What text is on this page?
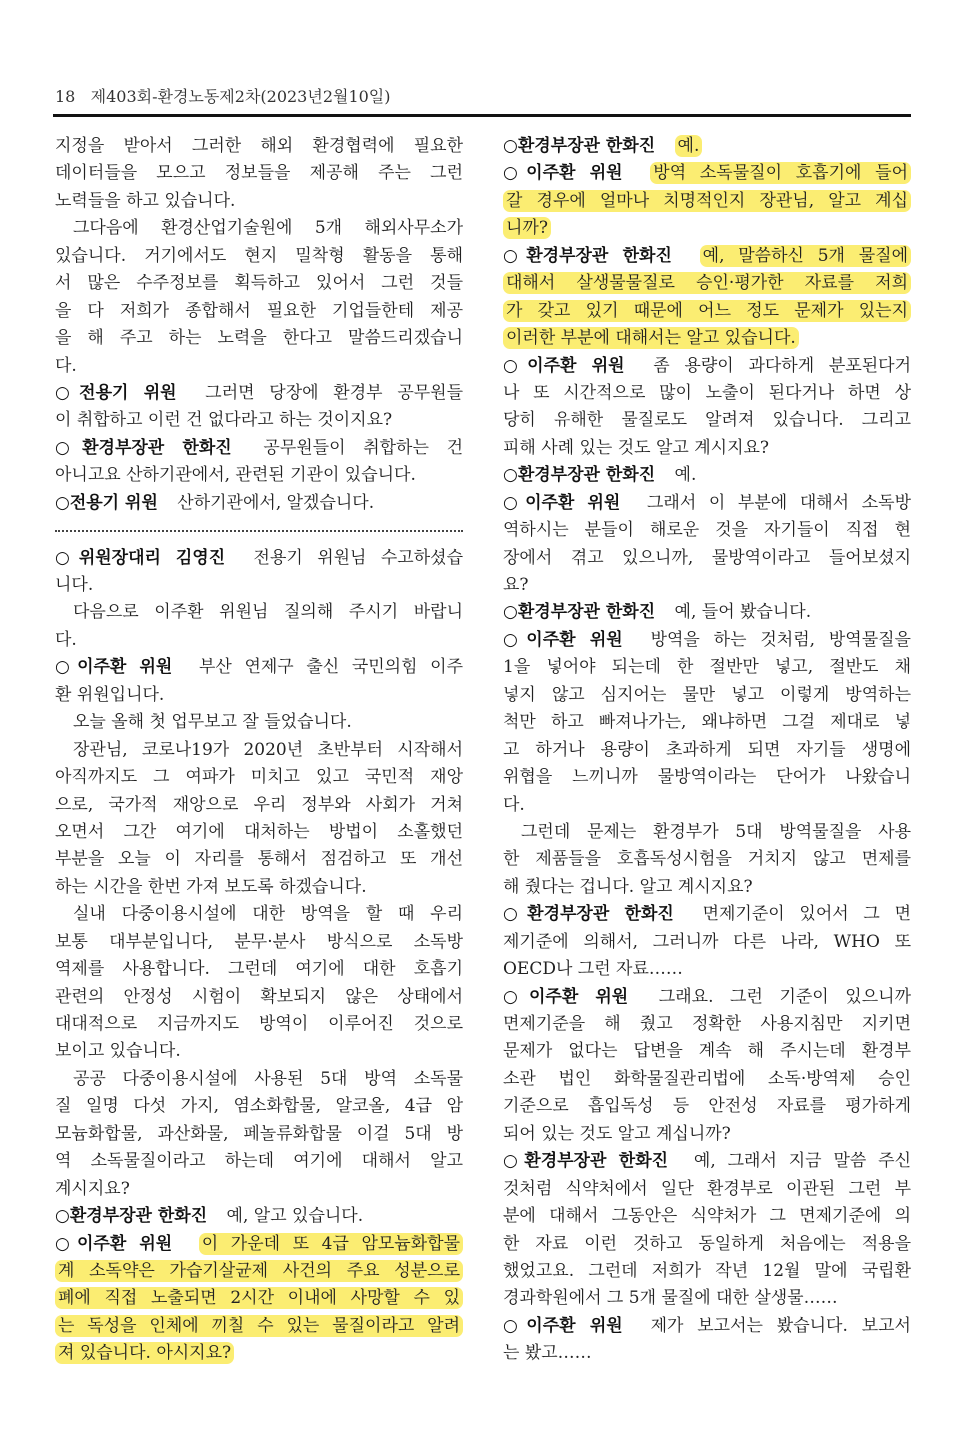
18 제403회-환경노동제2차(2023년2월10일)
지정을 받아서 그러한 해외 환경협력에 필요한
데이터들을 모으고 정보들을 제공해 주는 그런
노력들을 하고 있습니다.
그다음에 환경산업기술원에 5개 해외사무소가
있습니다. 거기에서도 현지 밀착형 활동을 통해
서 많은 수주정보를 획득하고 있어서 그런 것들
을 다 저희가 종합해서 필요한 기업들한테 제공
을 해 주고 하는 노력을 한다고 말씀드리겠습니
다.
○전용기 위원 그러면 당장에 환경부 공무원들
이 취합하고 이런 건 없다라고 하는 것이지요?
○환경부장관 한화진 공무원들이 취합하는 건
아니고요 산하기관에서, 관련된 기관이 있습니다.
○전용기 위원 산하기관에서, 알겠습니다.
○위원장대리 김영진 전용기 위원님 수고하셨습
니다.
다음으로 이주환 위원님 질의해 주시기 바랍니
다.
○이주환 위원 부산 연제구 출신 국민의힘 이주
환 위원입니다.
오늘 올해 첫 업무보고 잘 들었습니다.
장관님, 코로나19가 2020년 초반부터 시작해서
아직까지도 그 여파가 미치고 있고 국민적 재앙
으로, 국가적 재앙으로 우리 정부와 사회가 거쳐
오면서 그간 여기에 대처하는 방법이 소홀했던
부분을 오늘 이 자리를 통해서 점검하고 또 개선
하는 시간을 한번 가져 보도록 하겠습니다.
실내 다중이용시설에 대한 방역을 할 때 우리
보통 대부분입니다, 분무·분사 방식으로 소독방
역제를 사용합니다. 그런데 여기에 대한 호흡기
관련의 안정성 시험이 확보되지 않은 상태에서
대대적으로 지금까지도 방역이 이루어진 것으로
보이고 있습니다.
공공 다중이용시설에 사용된 5대 방역 소독물
질 일명 다섯 가지, 염소화합물, 알코올, 4급 암
모늄화합물, 과산화물, 페놀류화합물 이걸 5대 방
역 소독물질이라고 하는데 여기에 대해서 알고
계시지요?
○환경부장관 한화진 예, 알고 있습니다.
○이주환 위원 이 가운데 또 4급 암모늄화합물
계 소독약은 가습기살균제 사건의 주요 성분으로
폐에 직접 노출되면 2시간 이내에 사망할 수 있
는 독성을 인체에 끼칠 수 있는 물질이라고 알려
져 있습니다. 아시지요?
○환경부장관 한화진 예.
○이주환 위원 방역 소독물질이 호흡기에 들어
갈 경우에 얼마나 치명적인지 장관님, 알고 계십
니까?
○환경부장관 한화진 예, 말씀하신 5개 물질에
대해서 살생물물질로 승인·평가한 자료를 저희
가 갖고 있기 때문에 어느 정도 문제가 있는지
이러한 부분에 대해서는 알고 있습니다.
○이주환 위원 좀 용량이 과다하게 분포된다거
나 또 시간적으로 많이 노출이 된다거나 하면 상
당히 유해한 물질로도 알려져 있습니다. 그리고
피해 사례 있는 것도 알고 계시지요?
○환경부장관 한화진 예.
○이주환 위원 그래서 이 부분에 대해서 소독방
역하시는 분들이 해로운 것을 자기들이 직접 현
장에서 겪고 있으니까, 물방역이라고 들어보셨지
요?
○환경부장관 한화진 예, 들어 봤습니다.
○이주환 위원 방역을 하는 것처럼, 방역물질을
1을 넣어야 되는데 한 절반만 넣고, 절반도 채
넣지 않고 심지어는 물만 넣고 이렇게 방역하는
척만 하고 빠져나가는, 왜냐하면 그걸 제대로 넣
고 하거나 용량이 초과하게 되면 자기들 생명에
위협을 느끼니까 물방역이라는 단어가 나왔습니
다.
그런데 문제는 환경부가 5대 방역물질을 사용
한 제품들을 호흡독성시험을 거치지 않고 면제를
해 줬다는 겁니다. 알고 계시지요?
○환경부장관 한화진 면제기준이 있어서 그 면
제기준에 의해서, 그러니까 다른 나라, WHO 또
OECD나 그런 자료……
○이주환 위원 그래요. 그런 기준이 있으니까
면제기준을 해 줬고 정확한 사용지침만 지키면
문제가 없다는 답변을 계속 해 주시는데 환경부
소관 법인 화학물질관리법에 소독·방역제 승인
기준으로 흡입독성 등 안전성 자료를 평가하게
되어 있는 것도 알고 계십니까?
○환경부장관 한화진 예, 그래서 지금 말씀 주신
것처럼 식약처에서 일단 환경부로 이관된 그런 부
분에 대해서 그동안은 식약처가 그 면제기준에 의
한 자료 이런 것하고 동일하게 처음에는 적용을
했었고요. 그런데 저희가 작년 12월 말에 국립환
경과학원에서 그 5개 물질에 대한 살생물……
○이주환 위원 제가 보고서는 봤습니다. 보고서
는 봤고……
